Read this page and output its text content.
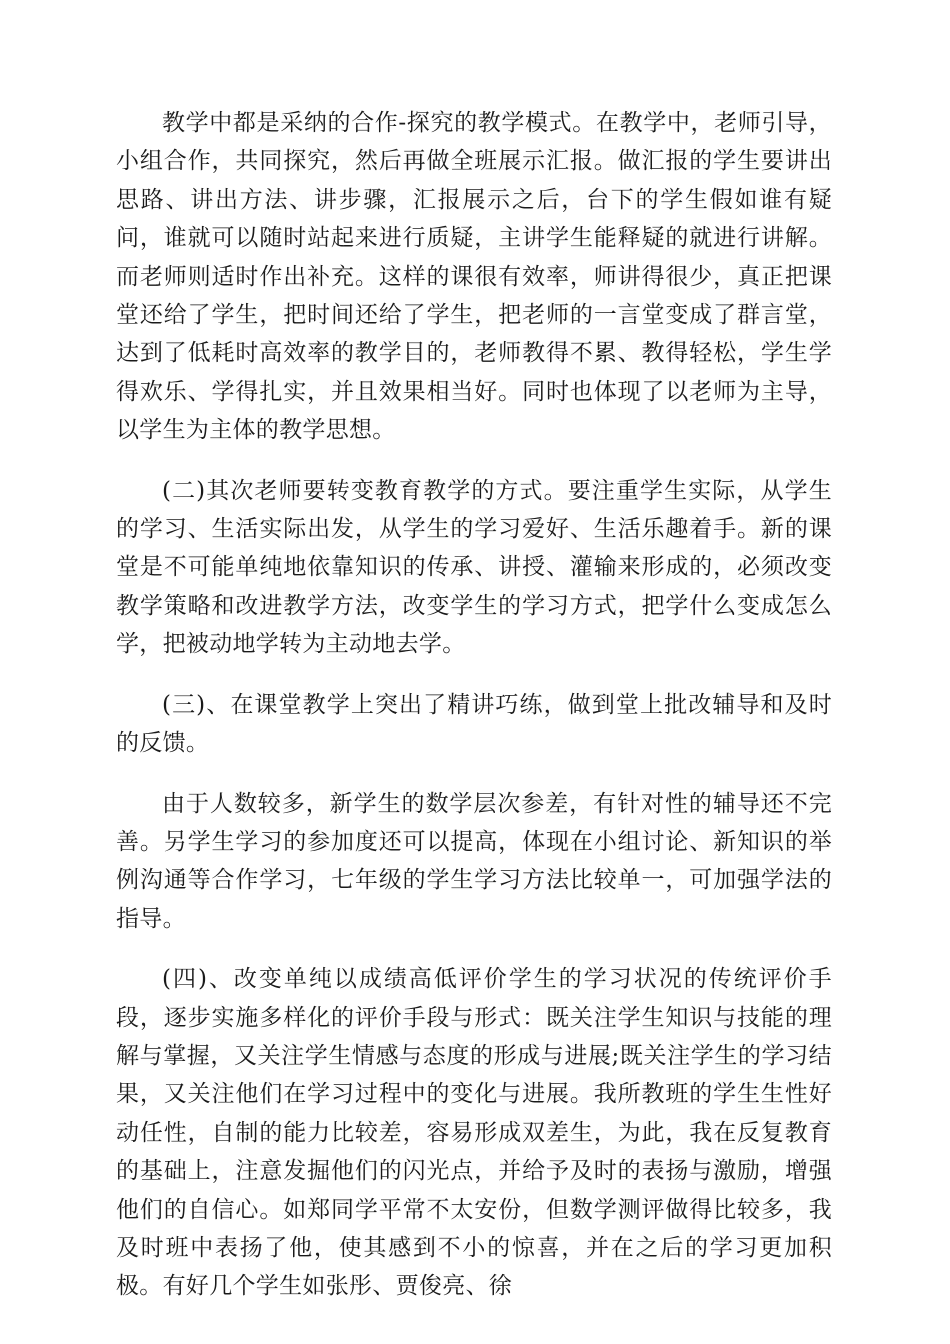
教学中都是采纳的合作-探究的教学模式。在教学中，老师引导，小组合作，共同探究，然后再做全班展示汇报。做汇报的学生要讲出思路、讲出方法、讲步骤，汇报展示之后，台下的学生假如谁有疑问，谁就可以随时站起来进行质疑，主讲学生能释疑的就进行讲解。而老师则适时作出补充。这样的课很有效率，师讲得很少，真正把课堂还给了学生，把时间还给了学生，把老师的一言堂变成了群言堂，达到了低耗时高效率的教学目的，老师教得不累、教得轻松，学生学得欢乐、学得扎实，并且效果相当好。同时也体现了以老师为主导，以学生为主体的教学思想。

(二)其次老师要转变教育教学的方式。要注重学生实际，从学生的学习、生活实际出发，从学生的学习爱好、生活乐趣着手。新的课堂是不可能单纯地依靠知识的传承、讲授、灌输来形成的，必须改变教学策略和改进教学方法，改变学生的学习方式，把学什么变成怎么学，把被动地学转为主动地去学。

(三)、在课堂教学上突出了精讲巧练，做到堂上批改辅导和及时的反馈。

由于人数较多，新学生的数学层次参差，有针对性的辅导还不完善。另学生学习的参加度还可以提高，体现在小组讨论、新知识的举例沟通等合作学习，七年级的学生学习方法比较单一，可加强学法的指导。

(四)、改变单纯以成绩高低评价学生的学习状况的传统评价手段，逐步实施多样化的评价手段与形式：既关注学生知识与技能的理解与掌握，又关注学生情感与态度的形成与进展;既关注学生的学习结果，又关注他们在学习过程中的变化与进展。我所教班的学生生性好动任性，自制的能力比较差，容易形成双差生，为此，我在反复教育的基础上，注意发掘他们的闪光点，并给予及时的表扬与激励，增强他们的自信心。如郑同学平常不太安份，但数学测评做得比较多，我及时班中表扬了他，使其感到不小的惊喜，并在之后的学习更加积极。有好几个学生如张彤、贾俊亮、徐
